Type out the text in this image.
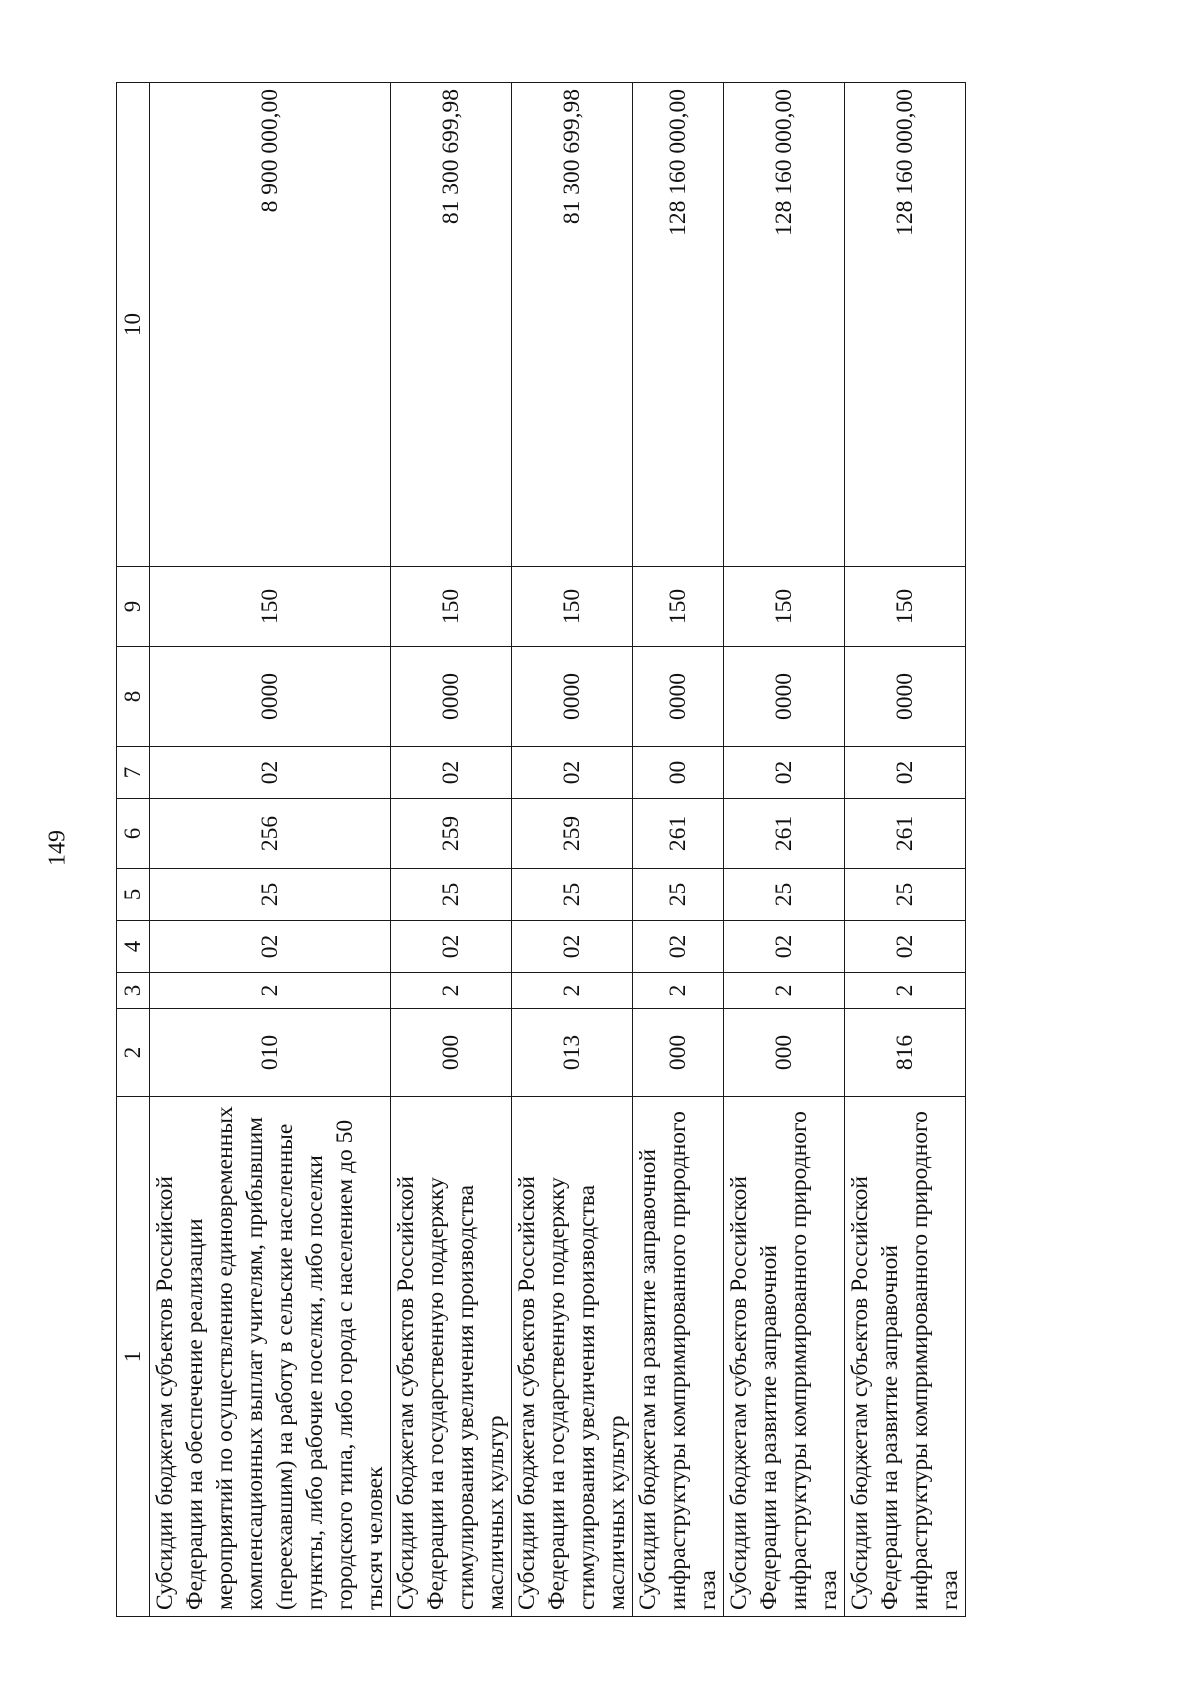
149
1	2	3	4	5	6	7	8	9	10
Субсидии бюджетам субъектов Российской Федерации на обеспечение реализации мероприятий по осуществлению единовременных компенсационных выплат учителям, прибывшим (переехавшим) на работу в сельские населенные пункты, либо рабочие поселки, либо поселки городского типа, либо города с населением до 50 тысяч человек	010	2	02	25	256	02	0000	150	8 900 000,00
Субсидии бюджетам субъектов Российской Федерации на государственную поддержку стимулирования увеличения производства масличных культур	000	2	02	25	259	02	0000	150	81 300 699,98
Субсидии бюджетам субъектов Российской Федерации на государственную поддержку стимулирования увеличения производства масличных культур	013	2	02	25	259	02	0000	150	81 300 699,98
Субсидии бюджетам на развитие заправочной инфраструктуры компримированного природного газа	000	2	02	25	261	00	0000	150	128 160 000,00
Субсидии бюджетам субъектов Российской Федерации на развитие заправочной инфраструктуры компримированного природного газа	000	2	02	25	261	02	0000	150	128 160 000,00
Субсидии бюджетам субъектов Российской Федерации на развитие заправочной инфраструктуры компримированного природного газа	816	2	02	25	261	02	0000	150	128 160 000,00
